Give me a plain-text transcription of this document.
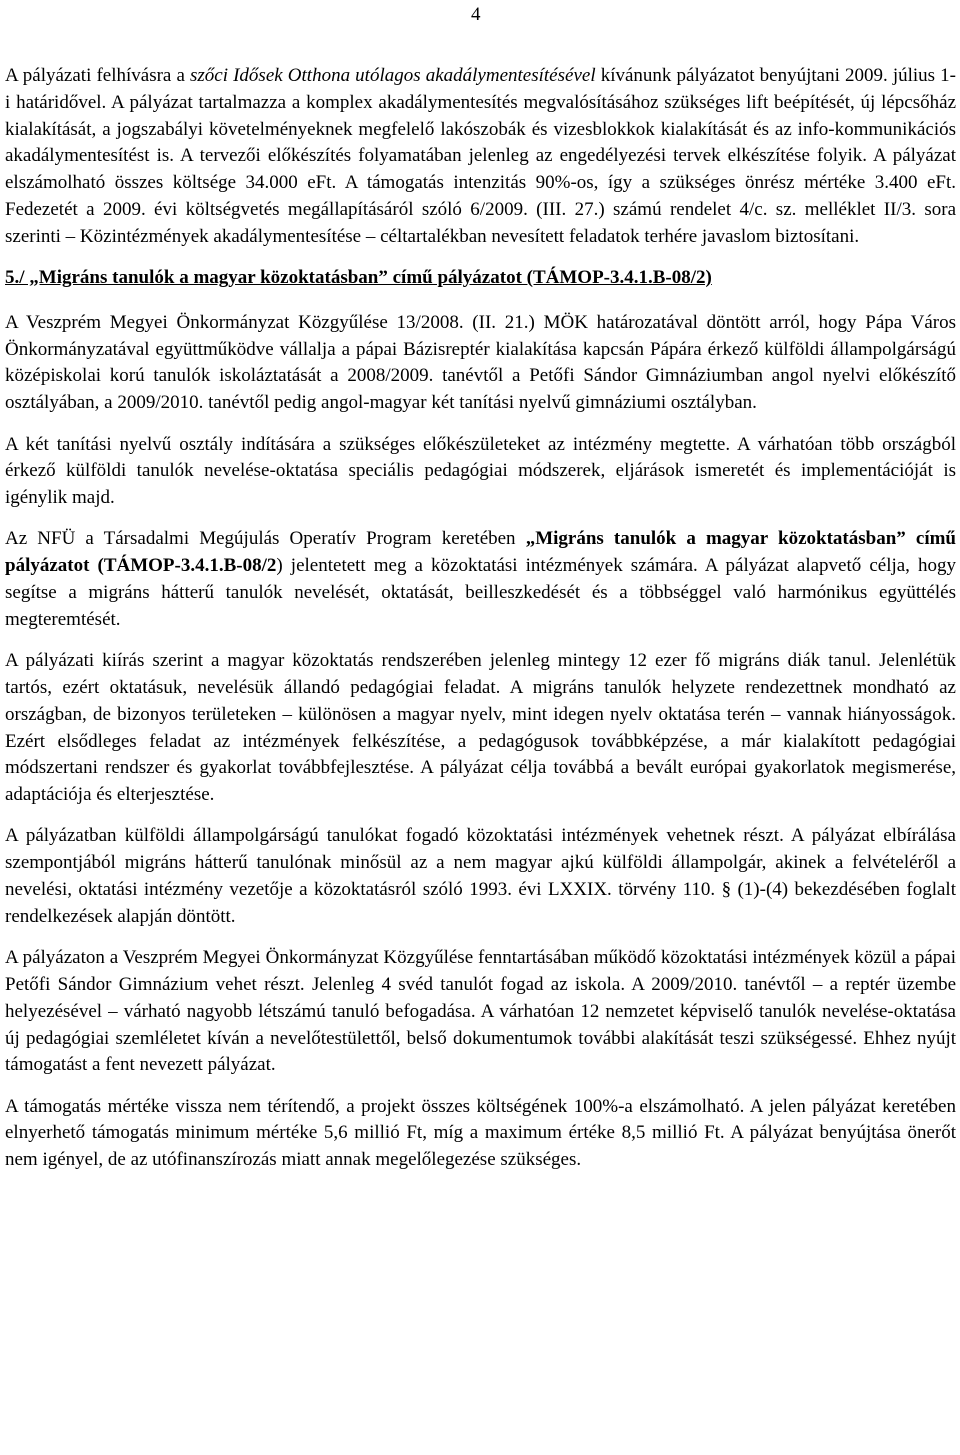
4

A pályázati felhívásra a szőci Idősek Otthona utólagos akadálymentesítésével kívánunk pályázatot benyújtani 2009. július 1-i határidővel. A pályázat tartalmazza a komplex akadálymentesítés megvalósításához szükséges lift beépítését, új lépcsőház kialakítását, a jogszabályi követelményeknek megfelelő lakószobák és vizesblokkok kialakítását és az info-kommunikációs akadálymentesítést is. A tervezői előkészítés folyamatában jelenleg az engedélyezési tervek elkészítése folyik. A pályázat elszámolható összes költsége 34.000 eFt. A támogatás intenzitás 90%-os, így a szükséges önrész mértéke 3.400 eFt. Fedezetét a 2009. évi költségvetés megállapításáról szóló 6/2009. (III. 27.) számú rendelet 4/c. sz. melléklet II/3. sora szerinti – Közintézmények akadálymentesítése – céltartalékban nevesített feladatok terhére javaslom biztosítani.

5./ „Migráns tanulók a magyar közoktatásban” című pályázatot (TÁMOP-3.4.1.B-08/2)

A Veszprém Megyei Önkormányzat Közgyűlése 13/2008. (II. 21.) MÖK határozatával döntött arról, hogy Pápa Város Önkormányzatával együttműködve vállalja a pápai Bázisreptér kialakítása kapcsán Pápára érkező külföldi állampolgárságú középiskolai korú tanulók iskoláztatását a 2008/2009. tanévtől a Petőfi Sándor Gimnáziumban angol nyelvi előkészítő osztályában, a 2009/2010. tanévtől pedig angol-magyar két tanítási nyelvű gimnáziumi osztályban.

A két tanítási nyelvű osztály indítására a szükséges előkészületeket az intézmény megtette. A várhatóan több országból érkező külföldi tanulók nevelése-oktatása speciális pedagógiai módszerek, eljárások ismeretét és implementációját is igénylik majd.

Az NFÜ a Társadalmi Megújulás Operatív Program keretében „Migráns tanulók a magyar közoktatásban” című pályázatot (TÁMOP-3.4.1.B-08/2) jelentetett meg a közoktatási intézmények számára. A pályázat alapvető célja, hogy segítse a migráns hátterű tanulók nevelését, oktatását, beilleszkedését és a többséggel való harmónikus együttélés megteremtését.

A pályázati kiírás szerint a magyar közoktatás rendszerében jelenleg mintegy 12 ezer fő migráns diák tanul. Jelenlétük tartós, ezért oktatásuk, nevelésük állandó pedagógiai feladat. A migráns tanulók helyzete rendezettnek mondható az országban, de bizonyos területeken – különösen a magyar nyelv, mint idegen nyelv oktatása terén – vannak hiányosságok. Ezért elsődleges feladat az intézmények felkészítése, a pedagógusok továbbképzése, a már kialakított pedagógiai módszertani rendszer és gyakorlat továbbfejlesztése. A pályázat célja továbbá a bevált európai gyakorlatok megismerése, adaptációja és elterjesztése.

A pályázatban külföldi állampolgárságú tanulókat fogadó közoktatási intézmények vehetnek részt. A pályázat elbírálása szempontjából migráns hátterű tanulónak minősül az a nem magyar ajkú külföldi állampolgár, akinek a felvételéről a nevelési, oktatási intézmény vezetője a közoktatásról szóló 1993. évi LXXIX. törvény 110. § (1)-(4) bekezdésében foglalt rendelkezések alapján döntött.

A pályázaton a Veszprém Megyei Önkormányzat Közgyűlése fenntartásában működő közoktatási intézmények közül a pápai Petőfi Sándor Gimnázium vehet részt. Jelenleg 4 svéd tanulót fogad az iskola. A 2009/2010. tanévtől – a reptér üzembe helyezésével – várható nagyobb létszámú tanuló befogadása. A várhatóan 12 nemzetet képviselő tanulók nevelése-oktatása új pedagógiai szemléletet kíván a nevelőtestülettől, belső dokumentumok további alakítását teszi szükségessé. Ehhez nyújt támogatást a fent nevezett pályázat.

A támogatás mértéke vissza nem térítendő, a projekt összes költségének 100%-a elszámolható. A jelen pályázat keretében elnyerhető támogatás minimum mértéke 5,6 millió Ft, míg a maximum értéke 8,5 millió Ft. A pályázat benyújtása önerőt nem igényel, de az utófinanszírozás miatt annak megelőlegezése szükséges.
